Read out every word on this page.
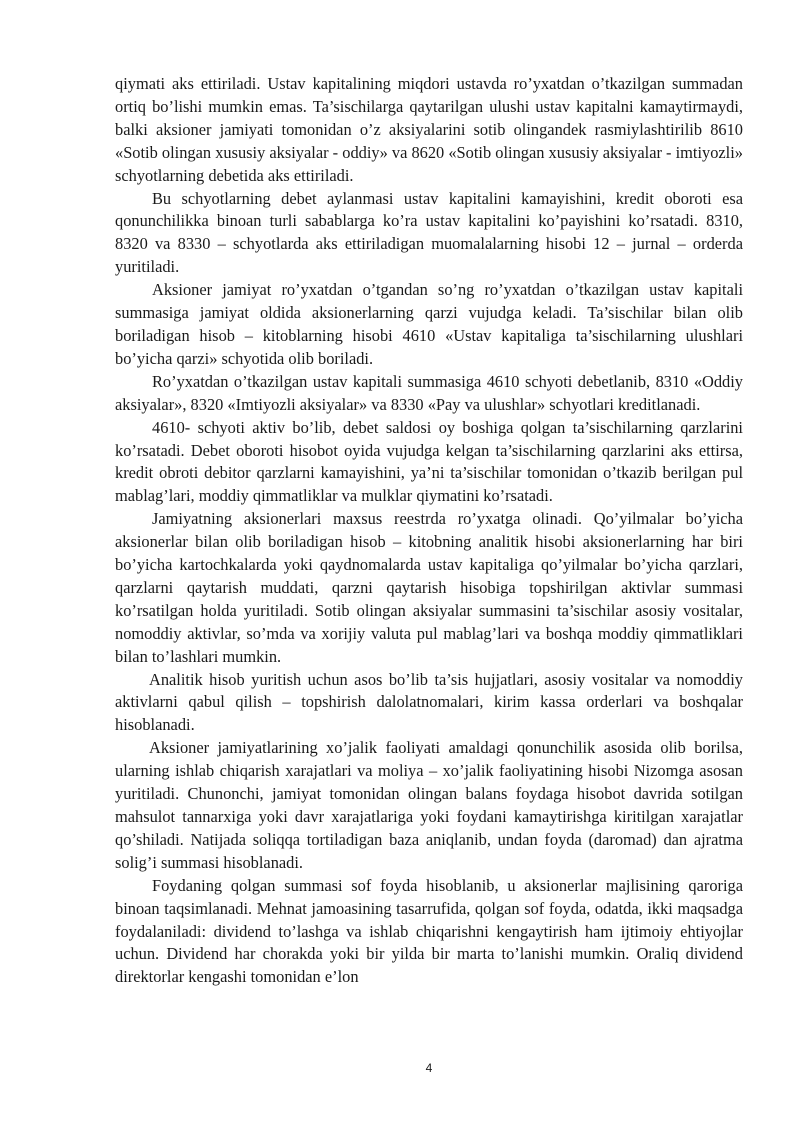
qiymati aks ettiriladi. Ustav kapitalining miqdori ustavda ro’yxatdan o’tkazilgan summadan ortiq bo’lishi mumkin emas. Ta’sischilarga qaytarilgan ulushi ustav kapitalni kamaytirmaydi, balki aksioner jamiyati tomonidan o’z aksiyalarini sotib olingandek rasmiylashtirilib 8610 «Sotib olingan xususiy aksiyalar - oddiy» va 8620 «Sotib olingan xususiy aksiyalar - imtiyozli» schyotlarning debetida aks ettiriladi.

Bu schyotlarning debet aylanmasi ustav kapitalini kamayishini, kredit oboroti esa qonunchilikka binoan turli sabablarga ko’ra ustav kapitalini ko’payishini ko’rsatadi. 8310, 8320 va 8330 – schyotlarda aks ettiriladigan muomalalarning hisobi 12 – jurnal – orderda yuritiladi.

Aksioner jamiyat ro’yxatdan o’tgandan so’ng ro’yxatdan o’tkazilgan ustav kapitali summasiga jamiyat oldida aksionerlarning qarzi vujudga keladi. Ta’sischilar bilan olib boriladigan hisob – kitoblarning hisobi 4610 «Ustav kapitaliga ta’sischilarning ulushlari bo’yicha qarzi» schyotida olib boriladi.

Ro’yxatdan o’tkazilgan ustav kapitali summasiga 4610 schyoti debetlanib, 8310 «Oddiy aksiyalar», 8320 «Imtiyozli aksiyalar» va 8330 «Pay va ulushlar» schyotlari kreditlanadi.

4610- schyoti aktiv bo’lib, debet saldosi oy boshiga qolgan ta’sischilarning qarzlarini ko’rsatadi. Debet oboroti hisobot oyida vujudga kelgan ta’sischilarning qarzlarini aks ettirsa, kredit obroti debitor qarzlarni kamayishini, ya’ni ta’sischilar tomonidan o’tkazib berilgan pul mablag’lari, moddiy qimmatliklar va mulklar qiymatini ko’rsatadi.

Jamiyatning aksionerlari maxsus reestrda ro’yxatga olinadi. Qo’yilmalar bo’yicha aksionerlar bilan olib boriladigan hisob – kitobning analitik hisobi aksionerlarning har biri bo’yicha kartochkalarda yoki qaydnomalarda ustav kapitaliga qo’yilmalar bo’yicha qarzlari, qarzlarni qaytarish muddati, qarzni qaytarish hisobiga topshirilgan aktivlar summasi ko’rsatilgan holda yuritiladi. Sotib olingan aksiyalar summasini ta’sischilar asosiy vositalar, nomoddiy aktivlar, so’mda va xorijiy valuta pul mablag’lari va boshqa moddiy qimmatliklari bilan to’lashlari mumkin.

Analitik hisob yuritish uchun asos bo’lib ta’sis hujjatlari, asosiy vositalar va nomoddiy aktivlarni qabul qilish – topshirish dalolatnomalari, kirim kassa orderlari va boshqalar hisoblanadi.

Aksioner jamiyatlarining xo’jalik faoliyati amaldagi qonunchilik asosida olib borilsa, ularning ishlab chiqarish xarajatlari va moliya – xo’jalik faoliyatining hisobi Nizomga asosan yuritiladi. Chunonchi, jamiyat tomonidan olingan balans foydaga hisobot davrida sotilgan mahsulot tannarxiga yoki davr xarajatlariga yoki foydani kamaytirishga kiritilgan xarajatlar qo’shiladi. Natijada soliqqa tortiladigan baza aniqlanib, undan foyda (daromad) dan ajratma solig’i summasi hisoblanadi.

Foydaning qolgan summasi sof foyda hisoblanib, u aksionerlar majlisining qaroriga binoan taqsimlanadi. Mehnat jamoasining tasarrufida, qolgan sof foyda, odatda, ikki maqsadga foydalaniladi: dividend to’lashga va ishlab chiqarishni kengaytirish ham ijtimoiy ehtiyojlar uchun. Dividend har chorakda yoki bir yilda bir marta to’lanishi mumkin. Oraliq dividend direktorlar kengashi tomonidan e’lon

4
